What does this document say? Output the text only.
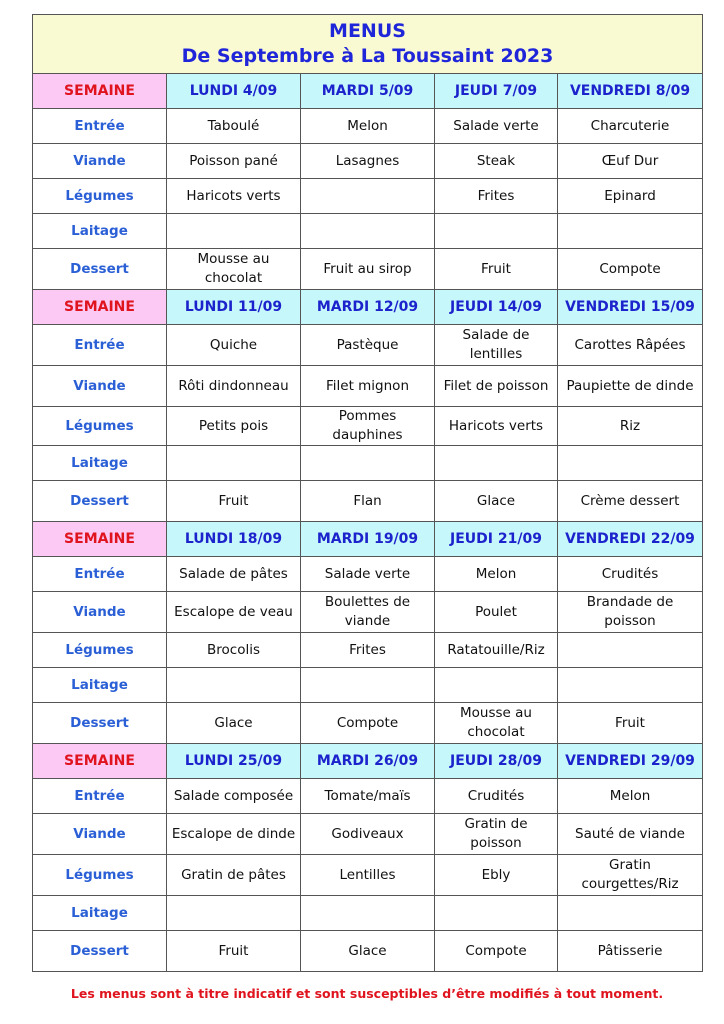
MENUS
De Septembre à La Toussaint 2023				

SEMAINE	LUNDI 4/09	MARDI 5/09	JEUDI 7/09	VENDREDI 8/09
Entrée	Taboulé	Melon	Salade verte	Charcuterie
Viande	Poisson pané	Lasagnes	Steak	Œuf Dur
Légumes	Haricots verts		Frites	Epinard
Laitage				
Dessert	Mousse au chocolat	Fruit au sirop	Fruit	Compote
SEMAINE	LUNDI 11/09	MARDI 12/09	JEUDI 14/09	VENDREDI 15/09
Entrée	Quiche	Pastèque	Salade de lentilles	Carottes Râpées
Viande	Rôti dindonneau	Filet mignon	Filet de poisson	Paupiette de dinde
Légumes	Petits pois	Pommes dauphines	Haricots verts	Riz
Laitage				
Dessert	Fruit	Flan	Glace	Crème dessert
SEMAINE	LUNDI 18/09	MARDI 19/09	JEUDI 21/09	VENDREDI 22/09
Entrée	Salade de pâtes	Salade verte	Melon	Crudités
Viande	Escalope de veau	Boulettes de viande	Poulet	Brandade de poisson
Légumes	Brocolis	Frites	Ratatouille/Riz	
Laitage				
Dessert	Glace	Compote	Mousse au chocolat	Fruit
SEMAINE	LUNDI 25/09	MARDI 26/09	JEUDI 28/09	VENDREDI 29/09
Entrée	Salade composée	Tomate/maïs	Crudités	Melon
Viande	Escalope de dinde	Godiveaux	Gratin de poisson	Sauté de viande
Légumes	Gratin de pâtes	Lentilles	Ebly	Gratin courgettes/Riz
Laitage				
Dessert	Fruit	Glace	Compote	Pâtisserie
Les menus sont à titre indicatif et sont susceptibles d’être modifiés à tout moment.
